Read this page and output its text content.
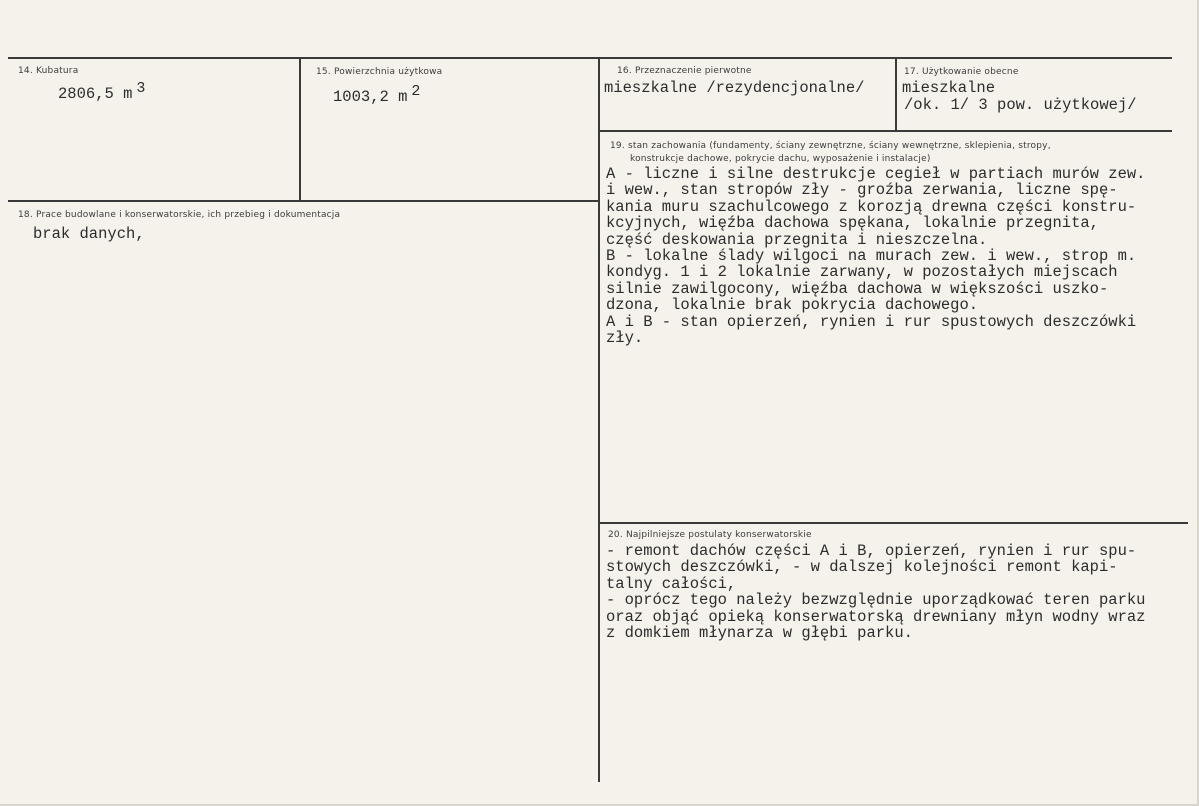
14. Kubatura
2806,5 m 3
15. Powierzchnia użytkowa
1003,2 m 2
16. Przeznaczenie pierwotne
mieszkalne /rezydencjonalne/
17. Użytkowanie obecne
mieszkalne
/ok. 1/ 3 pow. użytkowej/
18. Prace budowlane i konserwatorskie, ich przebieg i dokumentacja
brak danych,
19. stan zachowania (fundamenty, ściany zewnętrzne, ściany wewnętrzne, sklepienia, stropy,
konstrukcje dachowe, pokrycie dachu, wyposażenie i instalacje)
A - liczne i silne destrukcje cegieł w partiach murów zew.
i wew., stan stropów zły - groźba zerwania, liczne spę-
kania muru szachulcowego z korozją drewna części konstru-
kcyjnych, więźba dachowa spękana, lokalnie przegnita,
część deskowania przegnita i nieszczelna.
B - lokalne ślady wilgoci na murach zew. i wew., strop m.
kondyg. 1 i 2 lokalnie zarwany, w pozostałych miejscach
silnie zawilgocony, więźba dachowa w większości uszko-
dzona, lokalnie brak pokrycia dachowego.
A i B - stan opierzeń, rynien i rur spustowych deszczówki
zły.
20. Najpilniejsze postulaty konserwatorskie
- remont dachów części A i B, opierzeń, rynien i rur spu-
stowych deszczówki, - w dalszej kolejności remont kapi-
talny całości,
- oprócz tego należy bezwzględnie uporządkować teren parku
oraz objąć opieką konserwatorską drewniany młyn wodny wraz
z domkiem młynarza w głębi parku.
